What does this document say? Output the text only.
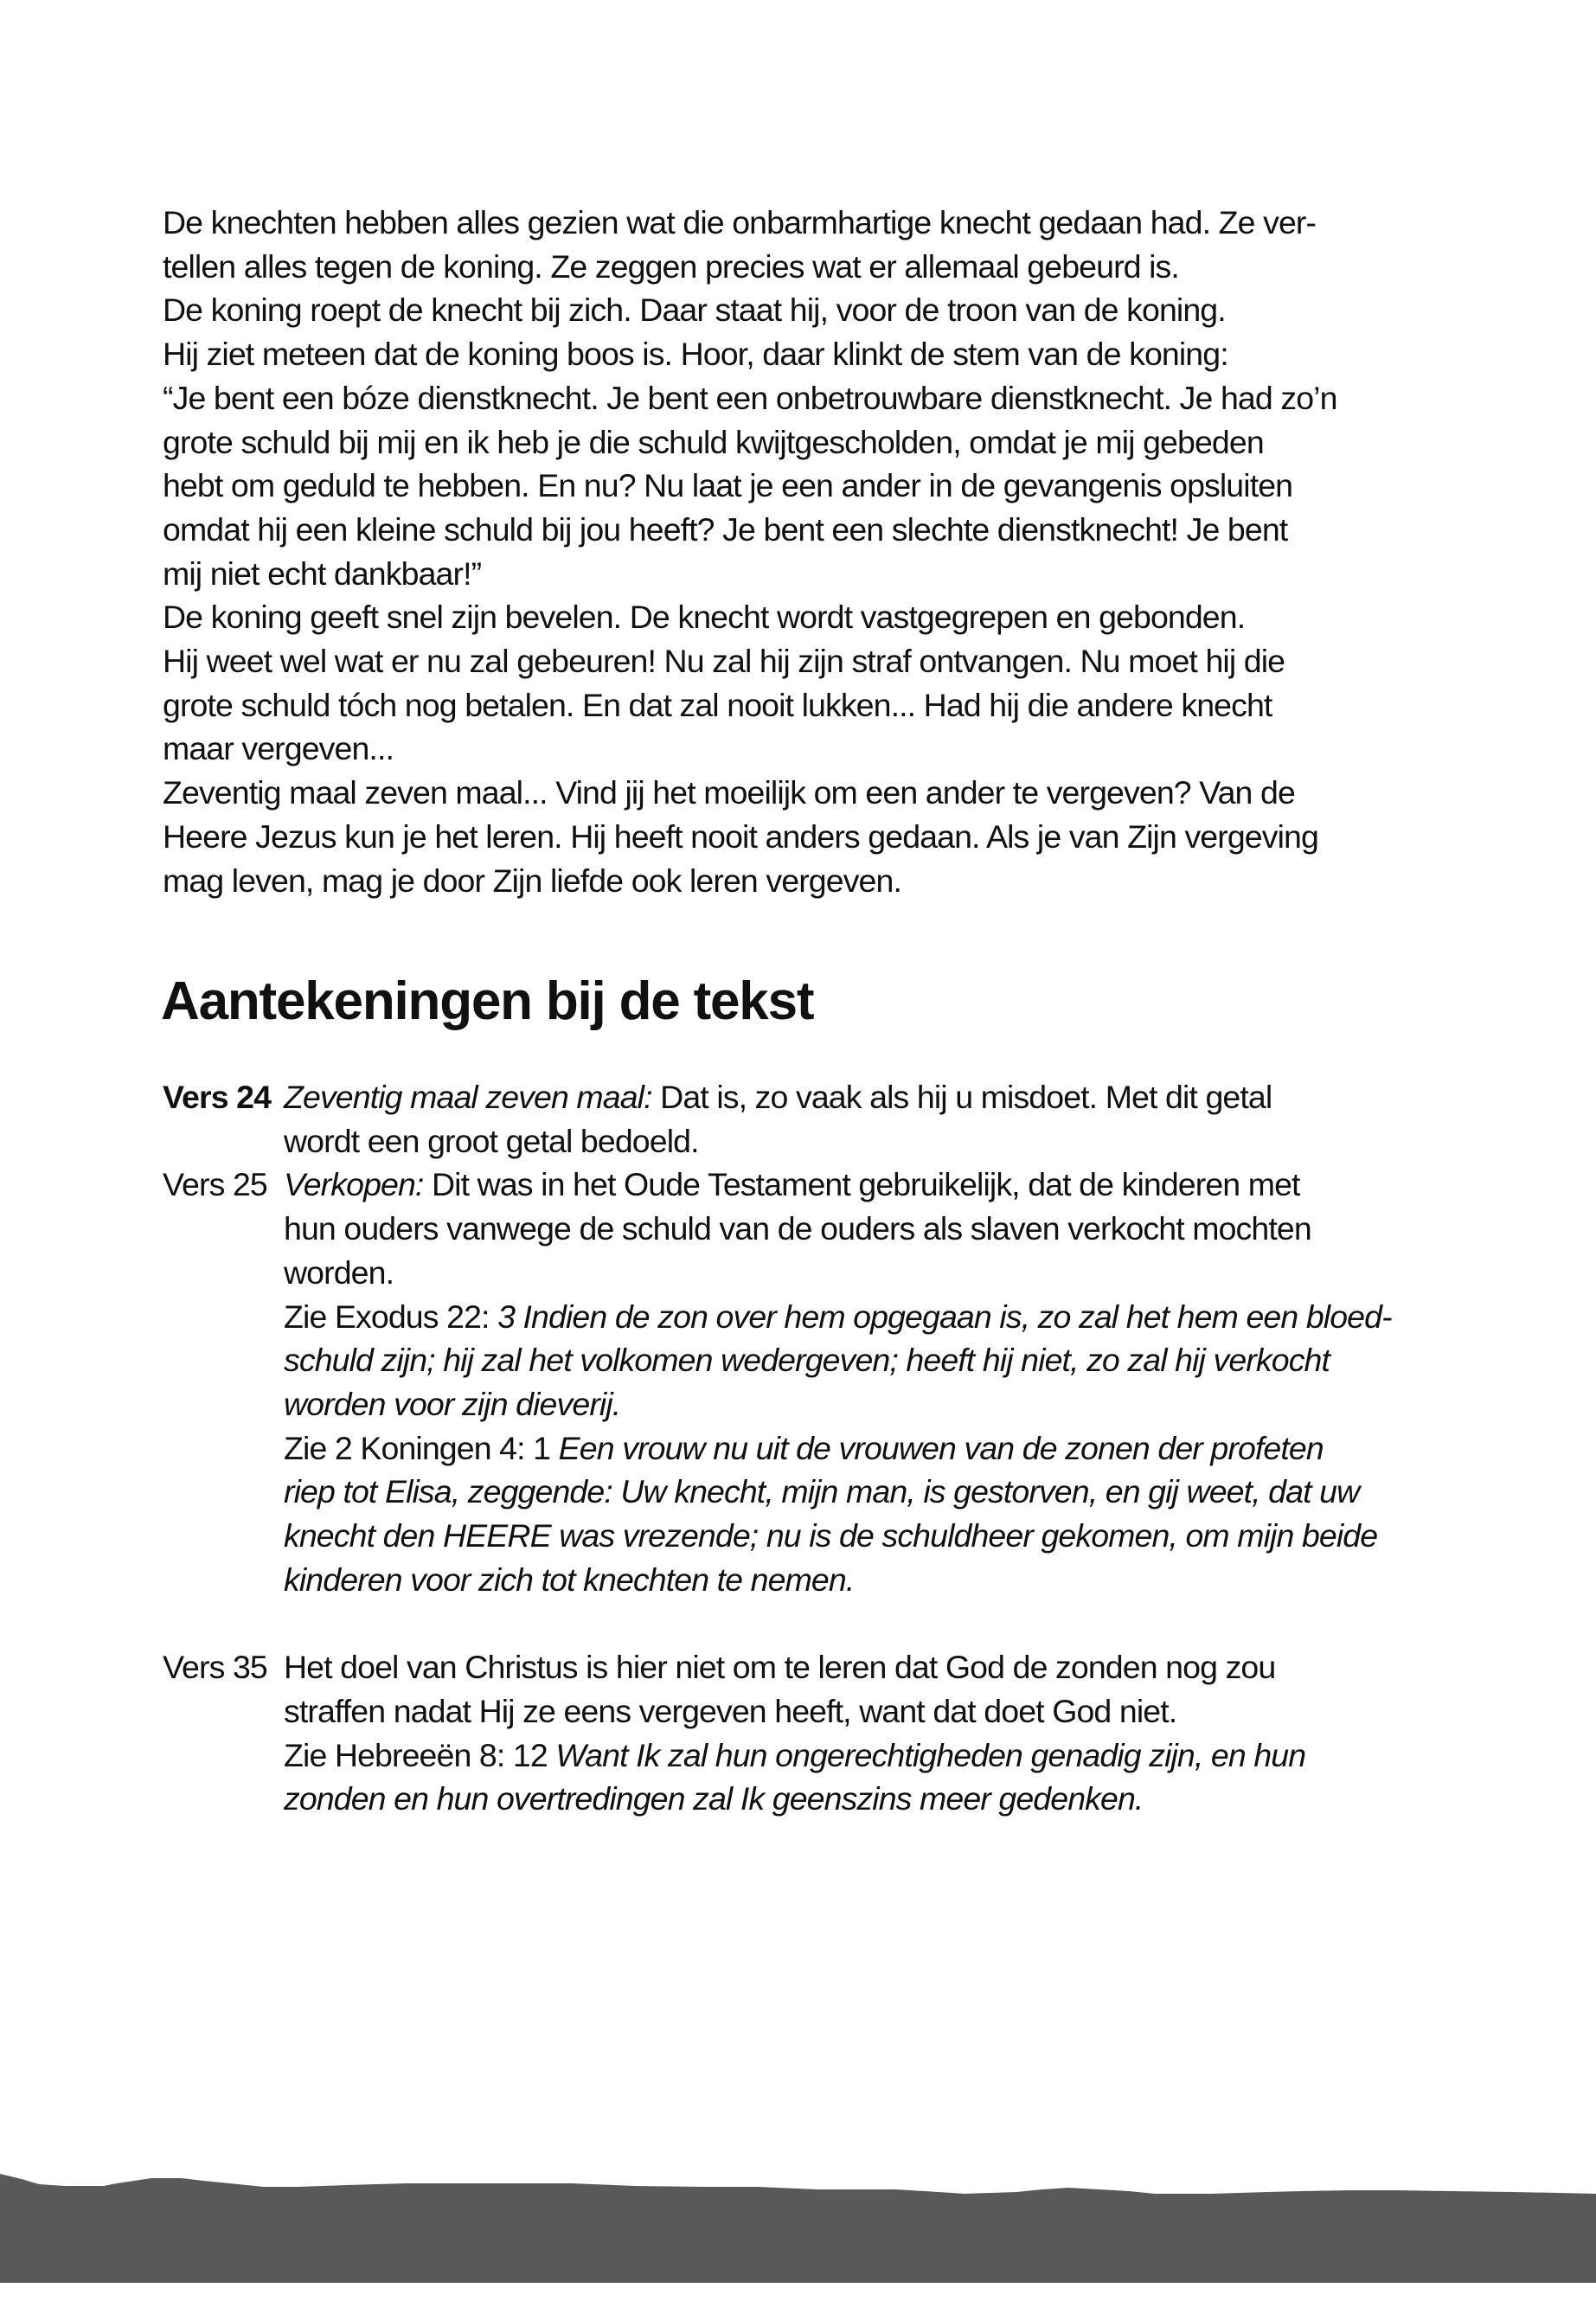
De knechten hebben alles gezien wat die onbarmhartige knecht gedaan had. Ze ver-
tellen alles tegen de koning. Ze zeggen precies wat er allemaal gebeurd is.
De koning roept de knecht bij zich. Daar staat hij, voor de troon van de koning.
Hij ziet meteen dat de koning boos is. Hoor, daar klinkt de stem van de koning:
“Je bent een bóze dienstknecht. Je bent een onbetrouwbare dienstknecht. Je had zo’n
grote schuld bij mij en ik heb je die schuld kwijtgescholden, omdat je mij gebeden
hebt om geduld te hebben. En nu? Nu laat je een ander in de gevangenis opsluiten
omdat hij een kleine schuld bij jou heeft? Je bent een slechte dienstknecht! Je bent
mij niet echt dankbaar!”
De koning geeft snel zijn bevelen. De knecht wordt vastgegrepen en gebonden.
Hij weet wel wat er nu zal gebeuren! Nu zal hij zijn straf ontvangen. Nu moet hij die
grote schuld tóch nog betalen. En dat zal nooit lukken... Had hij die andere knecht
maar vergeven...
Zeventig maal zeven maal... Vind jij het moeilijk om een ander te vergeven? Van de
Heere Jezus kun je het leren. Hij heeft nooit anders gedaan. Als je van Zijn vergeving
mag leven, mag je door Zijn liefde ook leren vergeven.
Aantekeningen bij de tekst
Vers 24 Zeventig maal zeven maal: Dat is, zo vaak als hij u misdoet. Met dit getal
wordt een groot getal bedoeld.
Vers 25 Verkopen: Dit was in het Oude Testament gebruikelijk, dat de kinderen met
hun ouders vanwege de schuld van de ouders als slaven verkocht mochten
worden.
Zie Exodus 22: 3 Indien de zon over hem opgegaan is, zo zal het hem een bloed-
schuld zijn; hij zal het volkomen wedergeven; heeft hij niet, zo zal hij verkocht
worden voor zijn dieverij.
Zie 2 Koningen 4: 1 Een vrouw nu uit de vrouwen van de zonen der profeten
riep tot Elisa, zeggende: Uw knecht, mijn man, is gestorven, en gij weet, dat uw
knecht den HEERE was vrezende; nu is de schuldheer gekomen, om mijn beide
kinderen voor zich tot knechten te nemen.
Vers 35 Het doel van Christus is hier niet om te leren dat God de zonden nog zou
straffen nadat Hij ze eens vergeven heeft, want dat doet God niet.
Zie Hebreeën 8: 12 Want Ik zal hun ongerechtigheden genadig zijn, en hun
zonden en hun overtredingen zal Ik geenszins meer gedenken.
